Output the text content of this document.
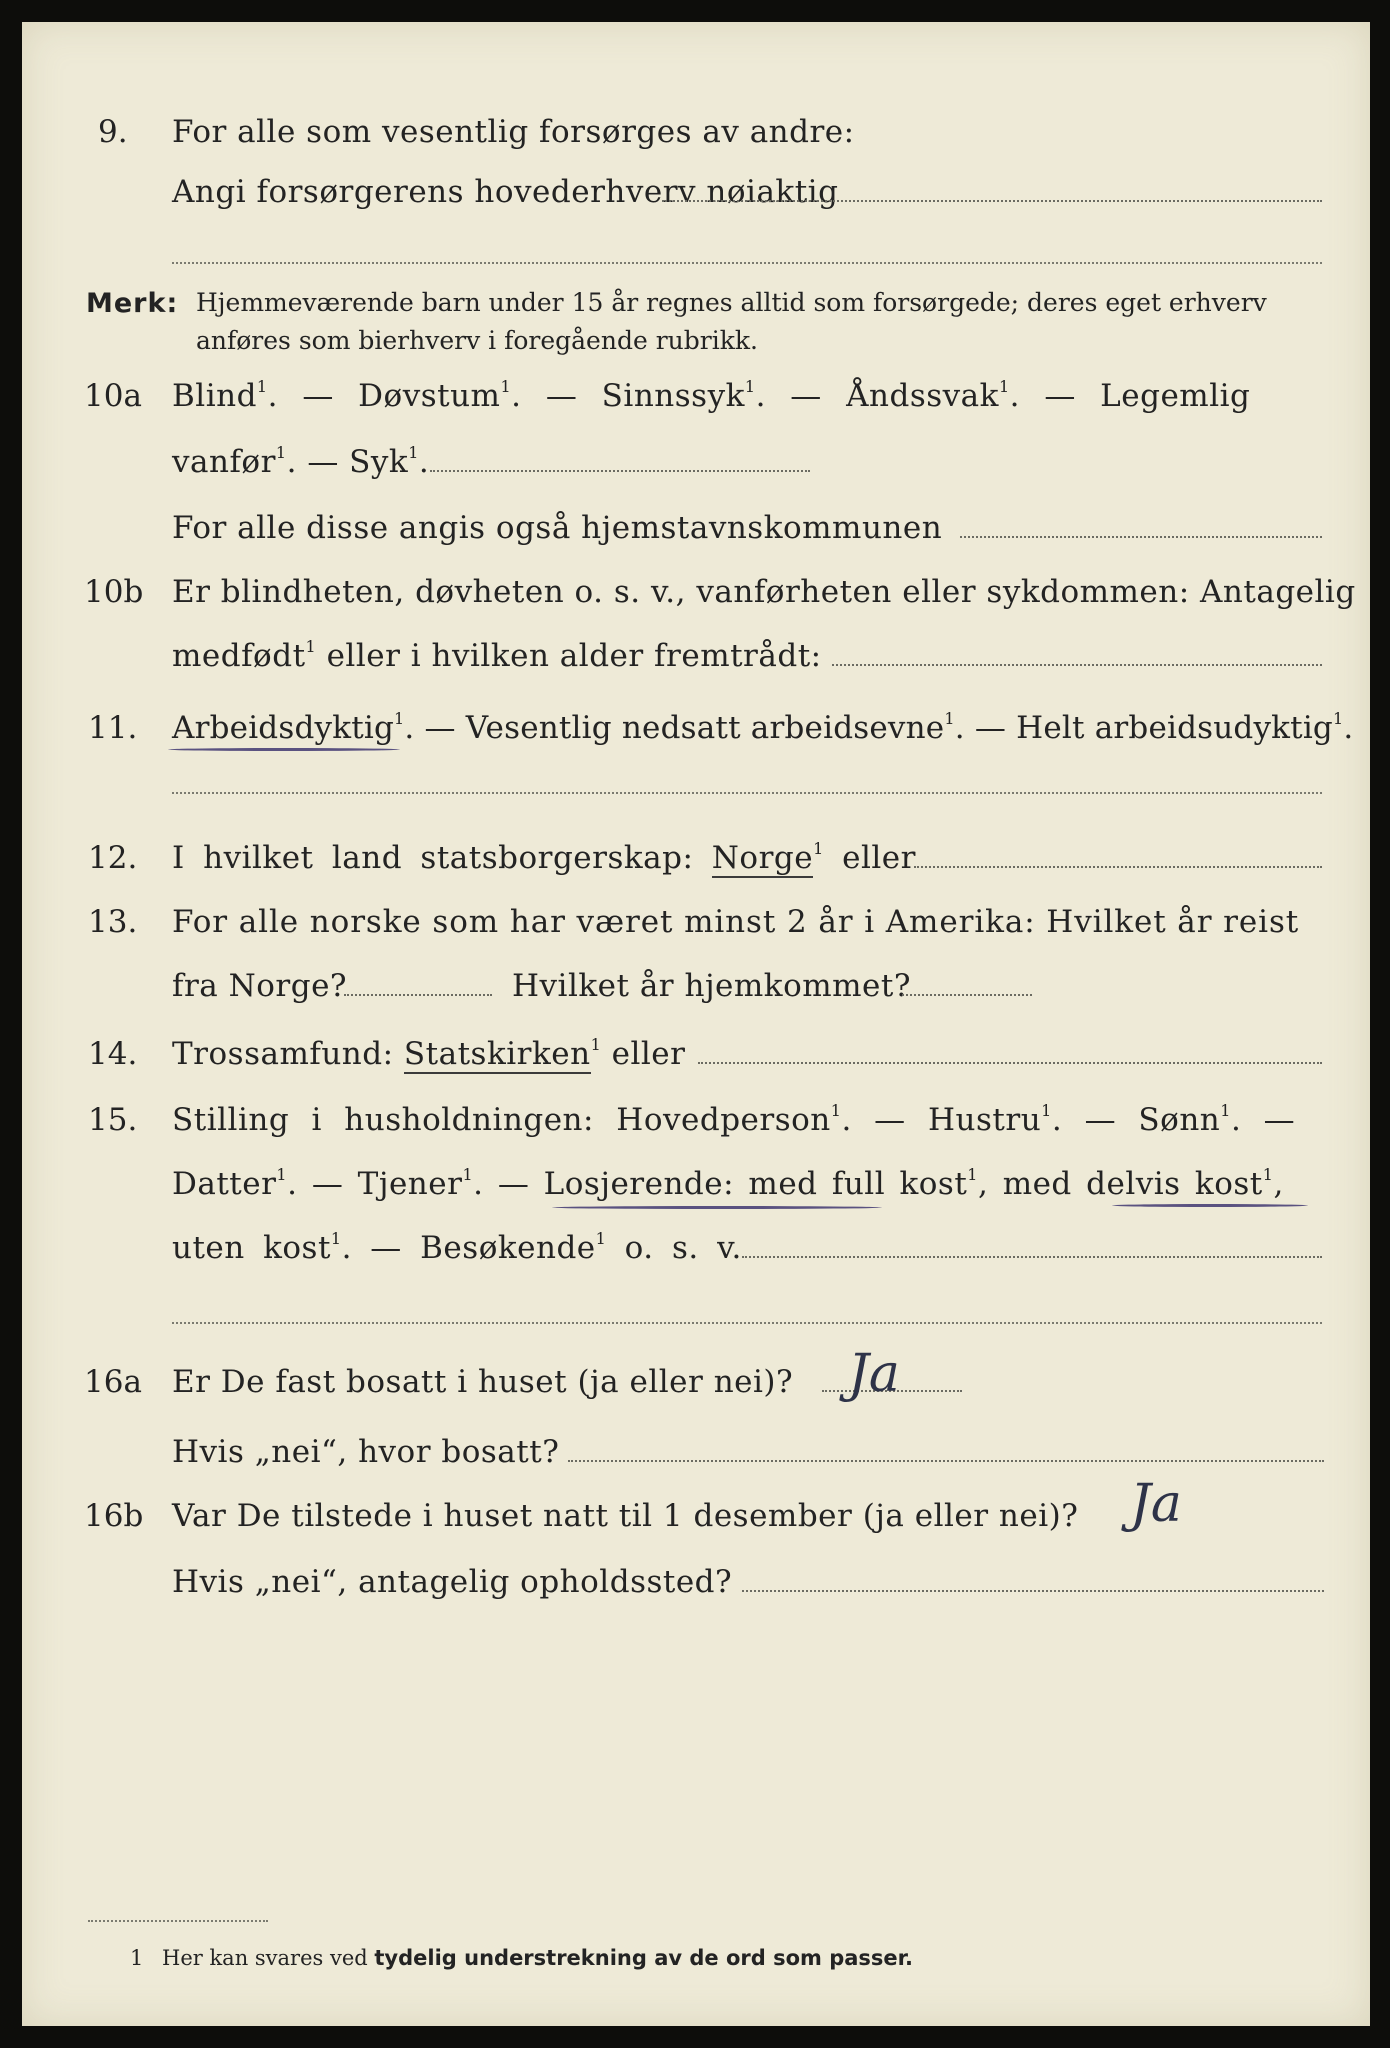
9. For alle som vesentlig forsørges av andre:
Angi forsørgerens hovederhverv nøiaktig
Merk: Hjemmeværende barn under 15 år regnes alltid som forsørgede; deres eget erhverv
anføres som bierhverv i foregående rubrikk.
10a Blind$^1$. — Døvstum$^1$. — Sinnssyk$^1$. — Åndssvak$^1$. — Legemlig
vanfør$^1$. — Syk$^1$.
For alle disse angis også hjemstavnskommunen
10b Er blindheten, døvheten o. s. v., vanførheten eller sykdommen: Antagelig
medfødt$^1$ eller i hvilken alder fremtrådt:
11. Arbeidsdyktig$^1$. — Vesentlig nedsatt arbeidsevne$^1$. — Helt arbeidsudyktig$^1$.
12. I hvilket land statsborgerskap: Norge$^1$ eller
13. For alle norske som har været minst 2 år i Amerika: Hvilket år reist
fra Norge?	Hvilket år hjemkommet?
14. Trossamfund: Statskirken$^1$ eller
15. Stilling i husholdningen: Hovedperson$^1$. — Hustru$^1$. — Sønn$^1$. —
Datter$^1$. — Tjener$^1$. — Losjerende: med full kost$^1$, med delvis kost$^1$,
uten kost$^1$. — Besøkende$^1$ o. s. v.
16a Er De fast bosatt i huset (ja eller nei)? Ja
Hvis „nei“, hvor bosatt?
16b Var De tilstede i huset natt til 1 desember (ja eller nei)? Ja
Hvis „nei“, antagelig opholdssted?
1 Her kan svares ved tydelig understrekning av de ord som passer.
